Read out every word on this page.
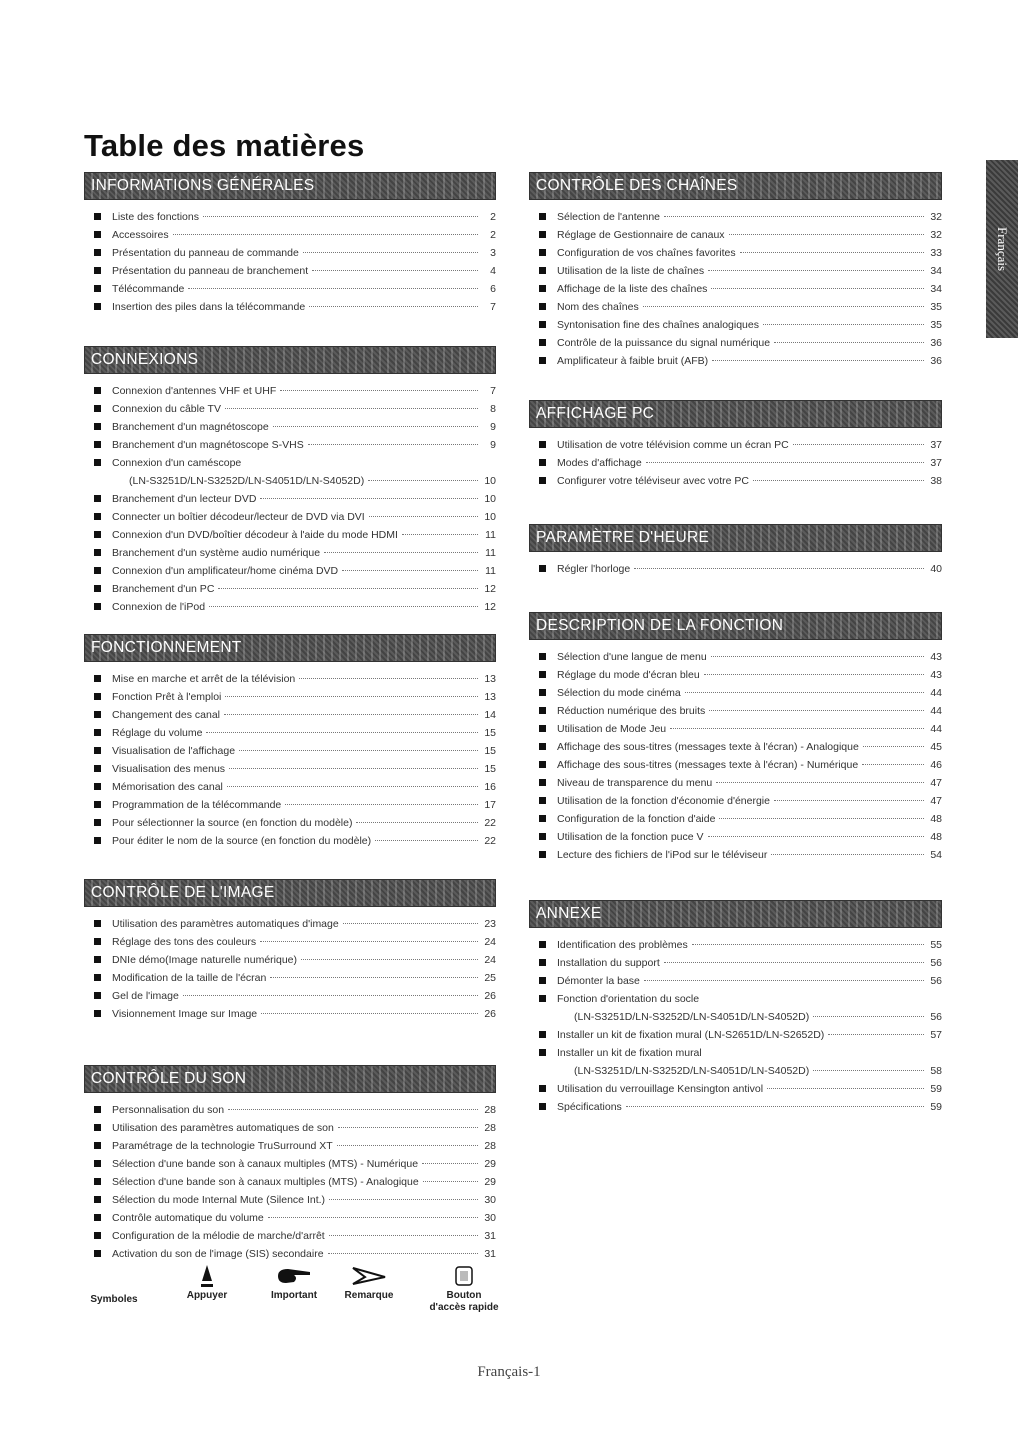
Table des matières
Français
INFORMATIONS GÉNÉRALES
Liste des fonctions	2
Accessoires	2
Présentation du panneau de commande	3
Présentation du panneau de branchement	4
Télécommande	6
Insertion des piles dans la télécommande	7
CONNEXIONS
Connexion d'antennes VHF et UHF	7
Connexion du câble TV	8
Branchement d'un magnétoscope	9
Branchement d'un magnétoscope S-VHS	9
Connexion d'un caméscope
(LN-S3251D/LN-S3252D/LN-S4051D/LN-S4052D)	10
Branchement d'un lecteur DVD	10
Connecter un boîtier décodeur/lecteur de DVD via DVI	10
Connexion d'un DVD/boîtier décodeur à l'aide du mode HDMI	11
Branchement d'un système audio numérique	11
Connexion d'un amplificateur/home cinéma DVD	11
Branchement d'un PC	12
Connexion de l'iPod	12
FONCTIONNEMENT
Mise en marche et arrêt de la télévision	13
Fonction Prêt à l'emploi	13
Changement des canal	14
Réglage du volume	15
Visualisation de l'affichage	15
Visualisation des menus	15
Mémorisation des canal	16
Programmation de la télécommande	17
Pour sélectionner la source (en fonction du modèle)	22
Pour éditer le nom de la source (en fonction du modèle)	22
CONTRÔLE DE L'IMAGE
Utilisation des paramètres automatiques d'image	23
Réglage des tons des couleurs	24
DNIe démo(Image naturelle numérique)	24
Modification de la taille de l'écran	25
Gel de l'image	26
Visionnement Image sur Image	26
CONTRÔLE DU SON
Personnalisation du son	28
Utilisation des paramètres automatiques de son	28
Paramétrage de la technologie TruSurround XT	28
Sélection d'une bande son à canaux multiples (MTS) - Numérique	29
Sélection d'une bande son à canaux multiples (MTS) - Analogique	29
Sélection du mode Internal Mute (Silence Int.)	30
Contrôle automatique du volume	30
Configuration de la mélodie de marche/d'arrêt	31
Activation du son de l'image (SIS) secondaire	31
CONTRÔLE DES CHAÎNES
Sélection de l'antenne	32
Réglage de Gestionnaire de canaux	32
Configuration de vos chaînes favorites	33
Utilisation de la liste de chaînes	34
Affichage de la liste des chaînes	34
Nom des chaînes	35
Syntonisation fine des chaînes analogiques	35
Contrôle de la puissance du signal numérique	36
Amplificateur à faible bruit (AFB)	36
AFFICHAGE PC
Utilisation de votre télévision comme un écran PC	37
Modes d'affichage	37
Configurer votre téléviseur avec votre PC	38
PARAMÈTRE D'HEURE
Régler l'horloge	40
DESCRIPTION DE LA FONCTION
Sélection d'une langue de menu	43
Réglage du mode d'écran bleu	43
Sélection du mode cinéma	44
Réduction numérique des bruits	44
Utilisation de Mode Jeu	44
Affichage des sous-titres (messages texte à l'écran) - Analogique	45
Affichage des sous-titres (messages texte à l'écran) - Numérique	46
Niveau de transparence du menu	47
Utilisation de la fonction d'économie d'énergie	47
Configuration de la fonction d'aide	48
Utilisation de la fonction puce V	48
Lecture des fichiers de l'iPod sur le téléviseur	54
ANNEXE
Identification des problèmes	55
Installation du support	56
Démonter la base	56
Fonction d'orientation du socle
(LN-S3251D/LN-S3252D/LN-S4051D/LN-S4052D)	56
Installer un kit de fixation mural (LN-S2651D/LN-S2652D)	57
Installer un kit de fixation mural
(LN-S3251D/LN-S3252D/LN-S4051D/LN-S4052D)	58
Utilisation du verrouillage Kensington antivol	59
Spécifications	59
Symboles	Appuyer	Important	Remarque	Bouton
d'accès rapide
Français-1
